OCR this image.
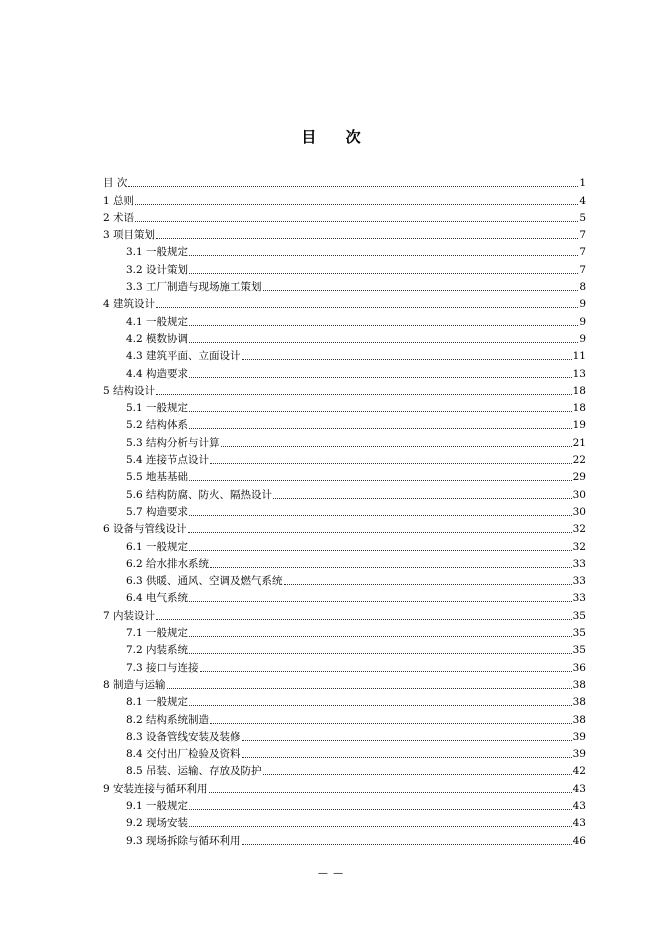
目 次
目 次	1
1 总则	4
2 术语	5
3 项目策划	7
3.1 一般规定	7
3.2 设计策划	7
3.3 工厂制造与现场施工策划	8
4 建筑设计	9
4.1 一般规定	9
4.2 模数协调	9
4.3 建筑平面、立面设计	11
4.4 构造要求	13
5 结构设计	18
5.1 一般规定	18
5.2 结构体系	19
5.3 结构分析与计算	21
5.4 连接节点设计	22
5.5 地基基础	29
5.6 结构防腐、防火、隔热设计	30
5.7 构造要求	30
6 设备与管线设计	32
6.1 一般规定	32
6.2 给水排水系统	33
6.3 供暖、通风、空调及燃气系统	33
6.4 电气系统	33
7 内装设计	35
7.1 一般规定	35
7.2 内装系统	35
7.3 接口与连接	36
8 制造与运输	38
8.1 一般规定	38
8.2 结构系统制造	38
8.3 设备管线安装及装修	39
8.4 交付出厂检验及资料	39
8.5 吊装、运输、存放及防护	42
9 安装连接与循环利用	43
9.1 一般规定	43
9.2 现场安装	43
9.3 现场拆除与循环利用	46
— —
